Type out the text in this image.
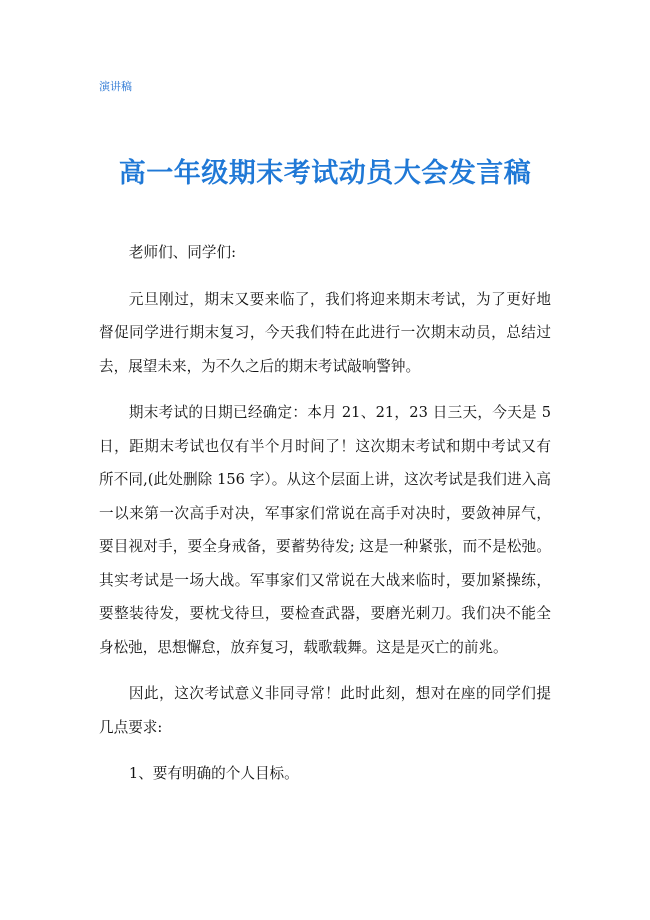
演讲稿
高一年级期末考试动员大会发言稿

老师们、同学们:

元旦刚过，期末又要来临了，我们将迎来期末考试，为了更好地督促同学进行期末复习，今天我们特在此进行一次期末动员，总结过去，展望未来，为不久之后的期末考试敲响警钟。

期末考试的日期已经确定：本月 21、21，23 日三天，今天是 5 日，距期末考试也仅有半个月时间了！这次期末考试和期中考试又有所不同,(此处删除 156 字）。从这个层面上讲，这次考试是我们进入高一以来第一次高手对决，军事家们常说在高手对决时，要敛神屏气，要目视对手，要全身戒备，要蓄势待发; 这是一种紧张，而不是松弛。其实考试是一场大战。军事家们又常说在大战来临时，要加紧操练，要整装待发，要枕戈待旦，要检查武器，要磨光刺刀。我们决不能全身松弛，思想懈怠，放弃复习，载歌载舞。这是是灭亡的前兆。

因此，这次考试意义非同寻常！此时此刻，想对在座的同学们提几点要求:

1、要有明确的个人目标。
